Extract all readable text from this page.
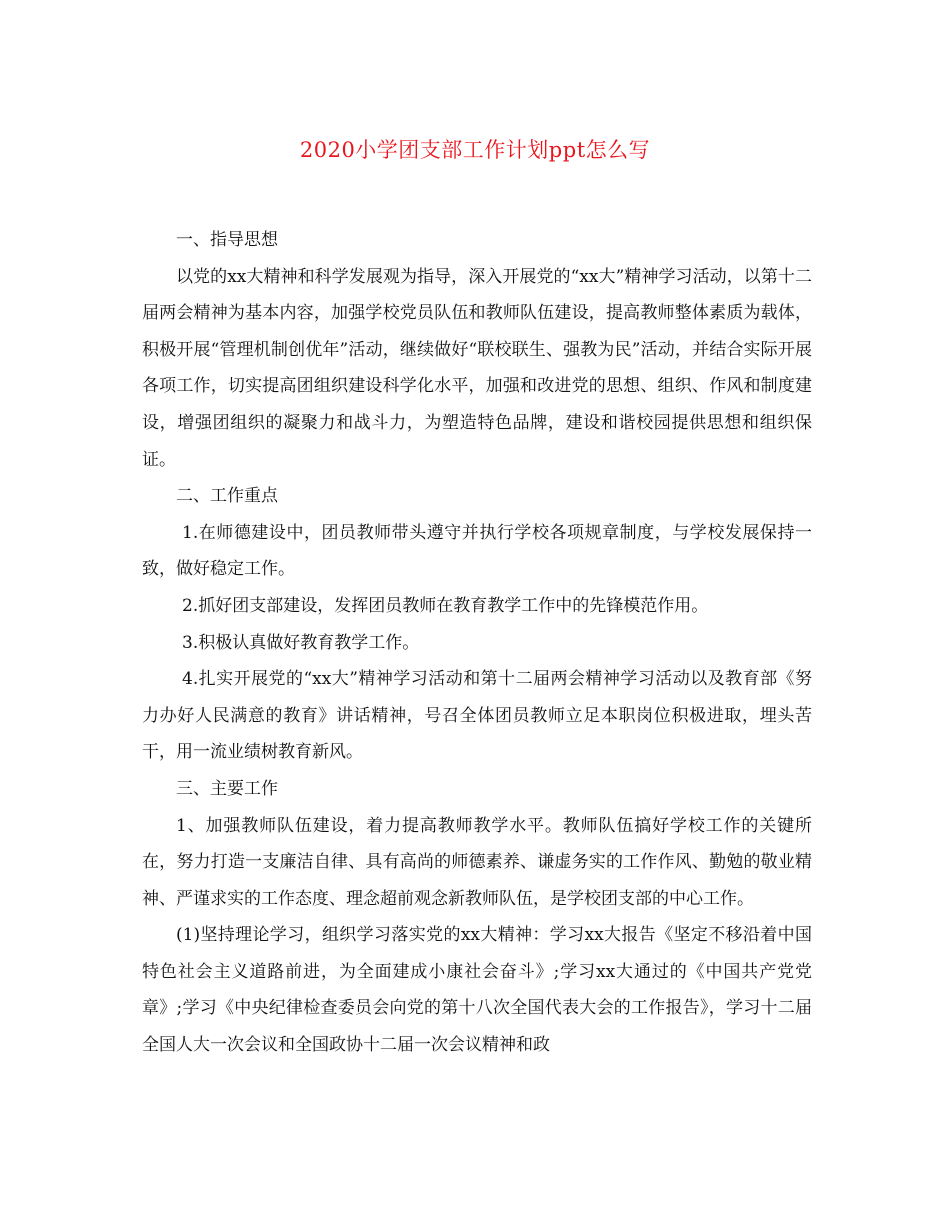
2020小学团支部工作计划ppt怎么写

一、指导思想

以党的xx大精神和科学发展观为指导，深入开展党的“xx大”精神学习活动，以第十二届两会精神为基本内容，加强学校党员队伍和教师队伍建设，提高教师整体素质为载体，积极开展“管理机制创优年”活动，继续做好“联校联生、强教为民”活动，并结合实际开展各项工作，切实提高团组织建设科学化水平，加强和改进党的思想、组织、作风和制度建设，增强团组织的凝聚力和战斗力，为塑造特色品牌，建设和谐校园提供思想和组织保证。

二、工作重点

1.在师德建设中，团员教师带头遵守并执行学校各项规章制度，与学校发展保持一致，做好稳定工作。

2.抓好团支部建设，发挥团员教师在教育教学工作中的先锋模范作用。

3.积极认真做好教育教学工作。

4.扎实开展党的“xx大”精神学习活动和第十二届两会精神学习活动以及教育部《努力办好人民满意的教育》讲话精神，号召全体团员教师立足本职岗位积极进取，埋头苦干，用一流业绩树教育新风。

三、主要工作

1、加强教师队伍建设，着力提高教师教学水平。教师队伍搞好学校工作的关键所在，努力打造一支廉洁自律、具有高尚的师德素养、谦虚务实的工作作风、勤勉的敬业精神、严谨求实的工作态度、理念超前观念新教师队伍，是学校团支部的中心工作。

(1)坚持理论学习，组织学习落实党的xx大精神：学习xx大报告《坚定不移沿着中国特色社会主义道路前进，为全面建成小康社会奋斗》;学习xx大通过的《中国共产党党章》;学习《中央纪律检查委员会向党的第十八次全国代表大会的工作报告》，学习十二届全国人大一次会议和全国政协十二届一次会议精神和政
